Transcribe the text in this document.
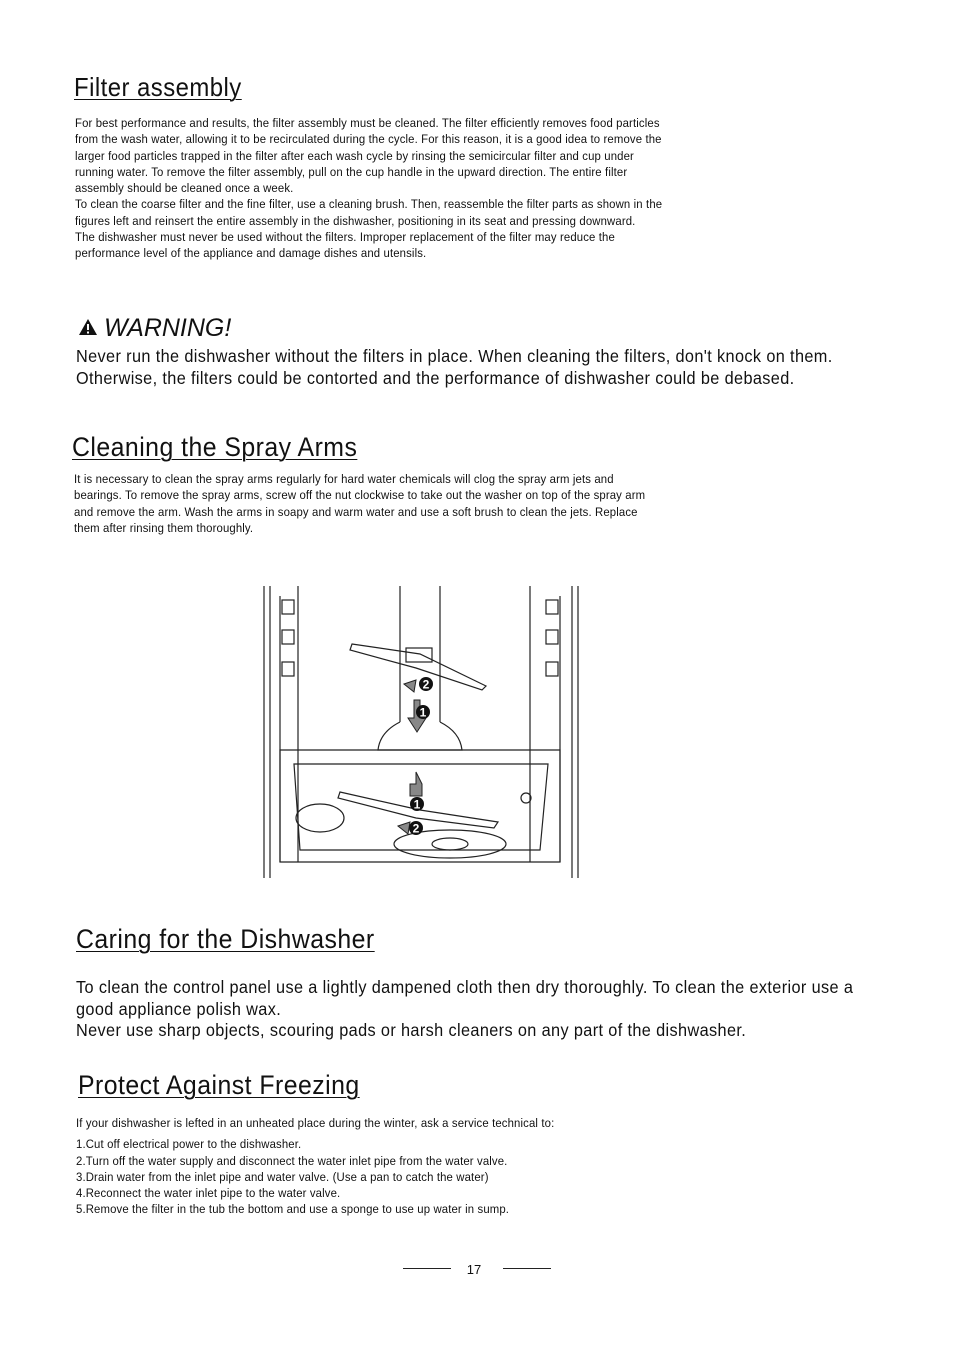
Filter assembly

For best performance and results, the filter assembly must be cleaned. The filter efficiently removes food particles from the wash water, allowing it to be recirculated during the cycle. For this reason, it is a good idea to remove the larger food particles trapped in the filter after each wash cycle by rinsing the semicircular filter and cup under running water. To remove the filter assembly, pull on the cup handle in the upward direction. The entire filter assembly should be cleaned once a week.

To clean the coarse filter and the fine filter, use a cleaning brush. Then, reassemble the filter parts as shown in the figures left and reinsert the entire assembly in the dishwasher, positioning in its seat and pressing downward.

The dishwasher must never be used without the filters. Improper replacement of the filter may reduce the performance level of the appliance and damage dishes and utensils.

WARNING!

Never run the dishwasher without the filters in place. When cleaning the filters, don't knock on them. Otherwise, the filters could be contorted and the performance of dishwasher could be debased.

Cleaning the Spray Arms

It is necessary to clean the spray arms regularly for hard water chemicals will clog the spray arm jets and bearings. To remove the spray arms, screw off the nut clockwise to take out the washer on top of the spray arm and remove the arm. Wash the arms in soapy and warm water and use a soft brush to clean the jets. Replace them after rinsing them thoroughly.

2
1
1
2
Caring for the Dishwasher

To clean the control panel use a lightly dampened cloth then dry thoroughly. To clean the exterior use a good appliance polish wax.

Never use sharp objects, scouring pads or harsh cleaners on any part of the dishwasher.

Protect Against Freezing

If your dishwasher is lefted in an unheated place during the winter, ask a service technical to:

1.Cut off electrical power to the dishwasher.

2.Turn off the water supply and disconnect the water inlet pipe from the water valve.

3.Drain water from the inlet pipe and water valve. (Use a pan to catch the water)

4.Reconnect the water inlet pipe to the water valve.

5.Remove the filter in the tub the bottom and use a sponge to use up water in sump.

17
